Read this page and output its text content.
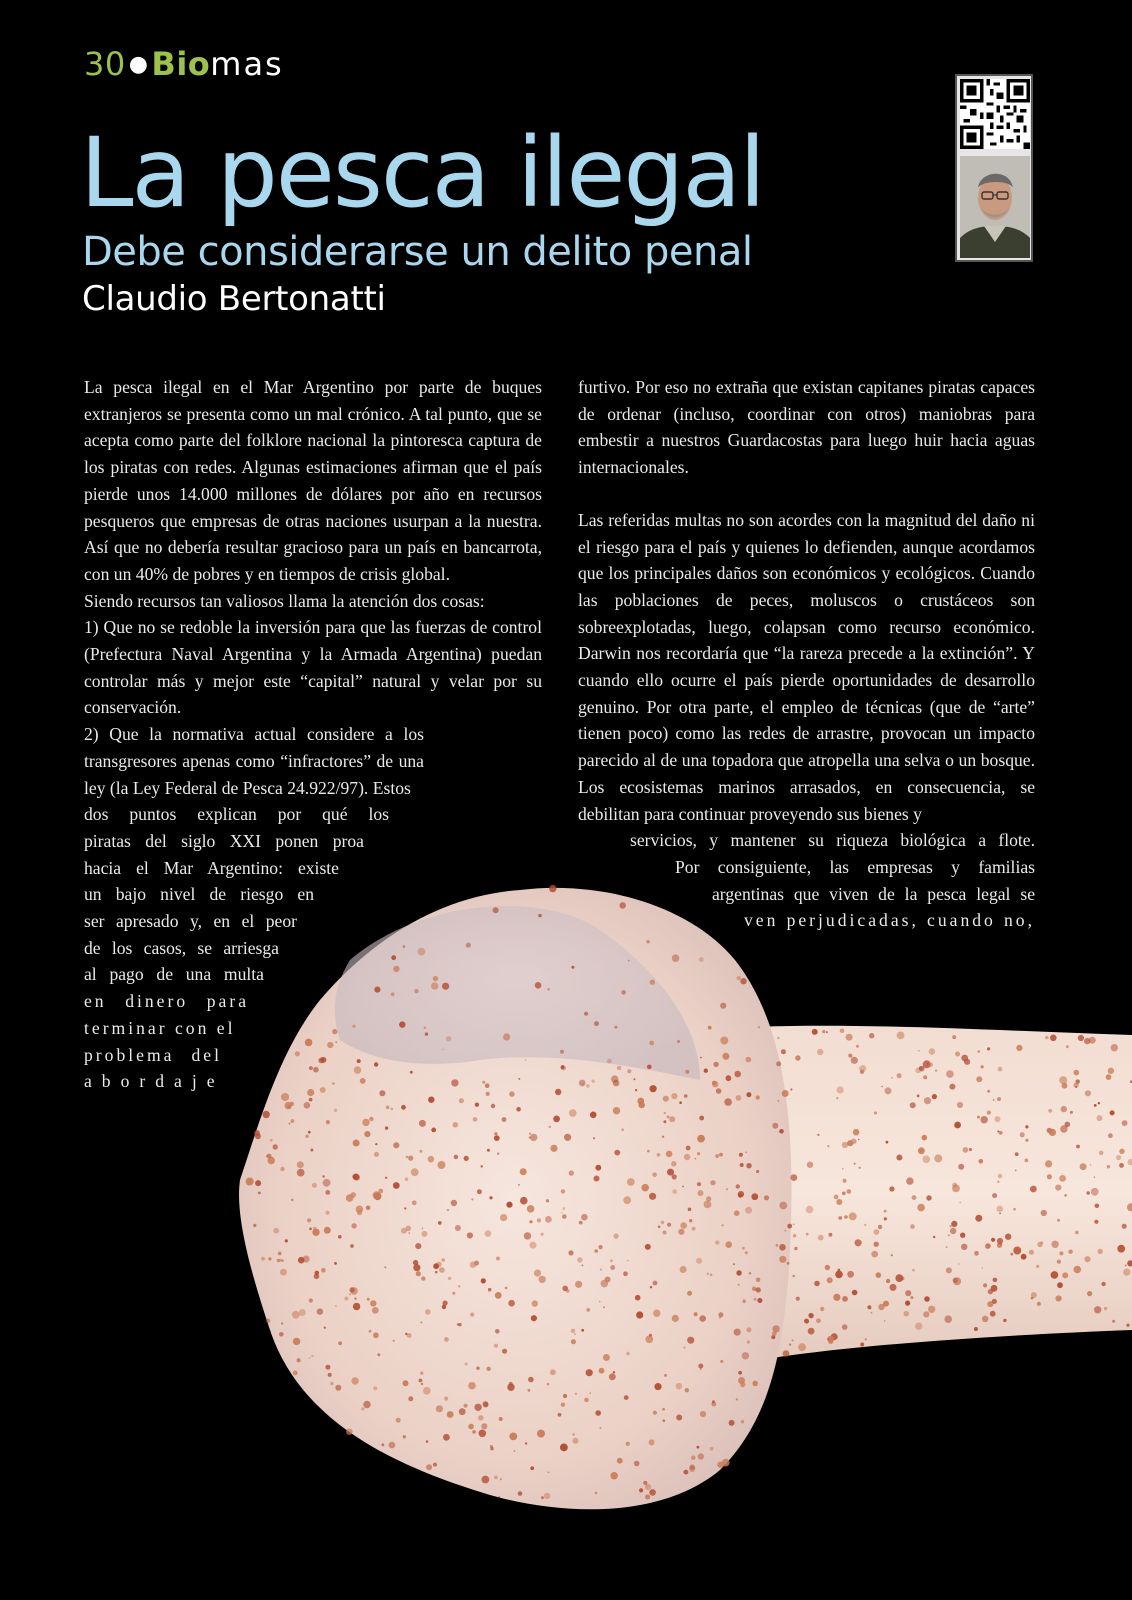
30 ●Biomas
La pesca ilegal
Debe considerarse un delito penal
Claudio Bertonatti

La pesca ilegal en el Mar Argentino por parte de buques extranjeros se presenta como un mal crónico. A tal punto, que se acepta como parte del folklore nacional la pintoresca captura de los piratas con redes. Algunas estimaciones afirman que el país pierde unos 14.000 millones de dólares por año en recursos pesqueros que empresas de otras naciones usurpan a la nuestra. Así que no debería resultar gracioso para un país en bancarrota, con un 40% de pobres y en tiempos de crisis global.

Siendo recursos tan valiosos llama la atención dos cosas:

1) Que no se redoble la inversión para que las fuerzas de control (Prefectura Naval Argentina y la Armada Argentina) puedan controlar más y mejor este “capital” natural y velar por su conservación.

2) Que la normativa actual considere a los transgresores apenas como “infractores” de una ley (la Ley Federal de Pesca 24.922/97). Estos

dos puntos explican por qué los
piratas del siglo XXI ponen proa
hacia el Mar Argentino: existe
un bajo nivel de riesgo en
ser apresado y, en el peor
de los casos, se arriesga
al pago de una multa
en dinero para
terminar con el
problema del
abordaje

furtivo. Por eso no extraña que existan capitanes piratas capaces de ordenar (incluso, coordinar con otros) maniobras para embestir a nuestros Guardacostas para luego huir hacia aguas internacionales.

Las referidas multas no son acordes con la magnitud del daño ni el riesgo para el país y quienes lo defienden, aunque acordamos que los principales daños son económicos y ecológicos. Cuando las poblaciones de peces, moluscos o crustáceos son sobreexplotadas, luego, colapsan como recurso económico. Darwin nos recordaría que “la rareza precede a la extinción”. Y cuando ello ocurre el país pierde oportunidades de desarrollo genuino. Por otra parte, el empleo de técnicas (que de “arte” tienen poco) como las redes de arrastre, provocan un impacto parecido al de una topadora que atropella una selva o un bosque. Los ecosistemas marinos arrasados, en consecuencia, se debilitan para continuar proveyendo sus bienes y

servicios, y mantener su riqueza biológica a flote.
Por consiguiente, las empresas y familias
argentinas que viven de la pesca legal se
ven perjudicadas, cuando no,
